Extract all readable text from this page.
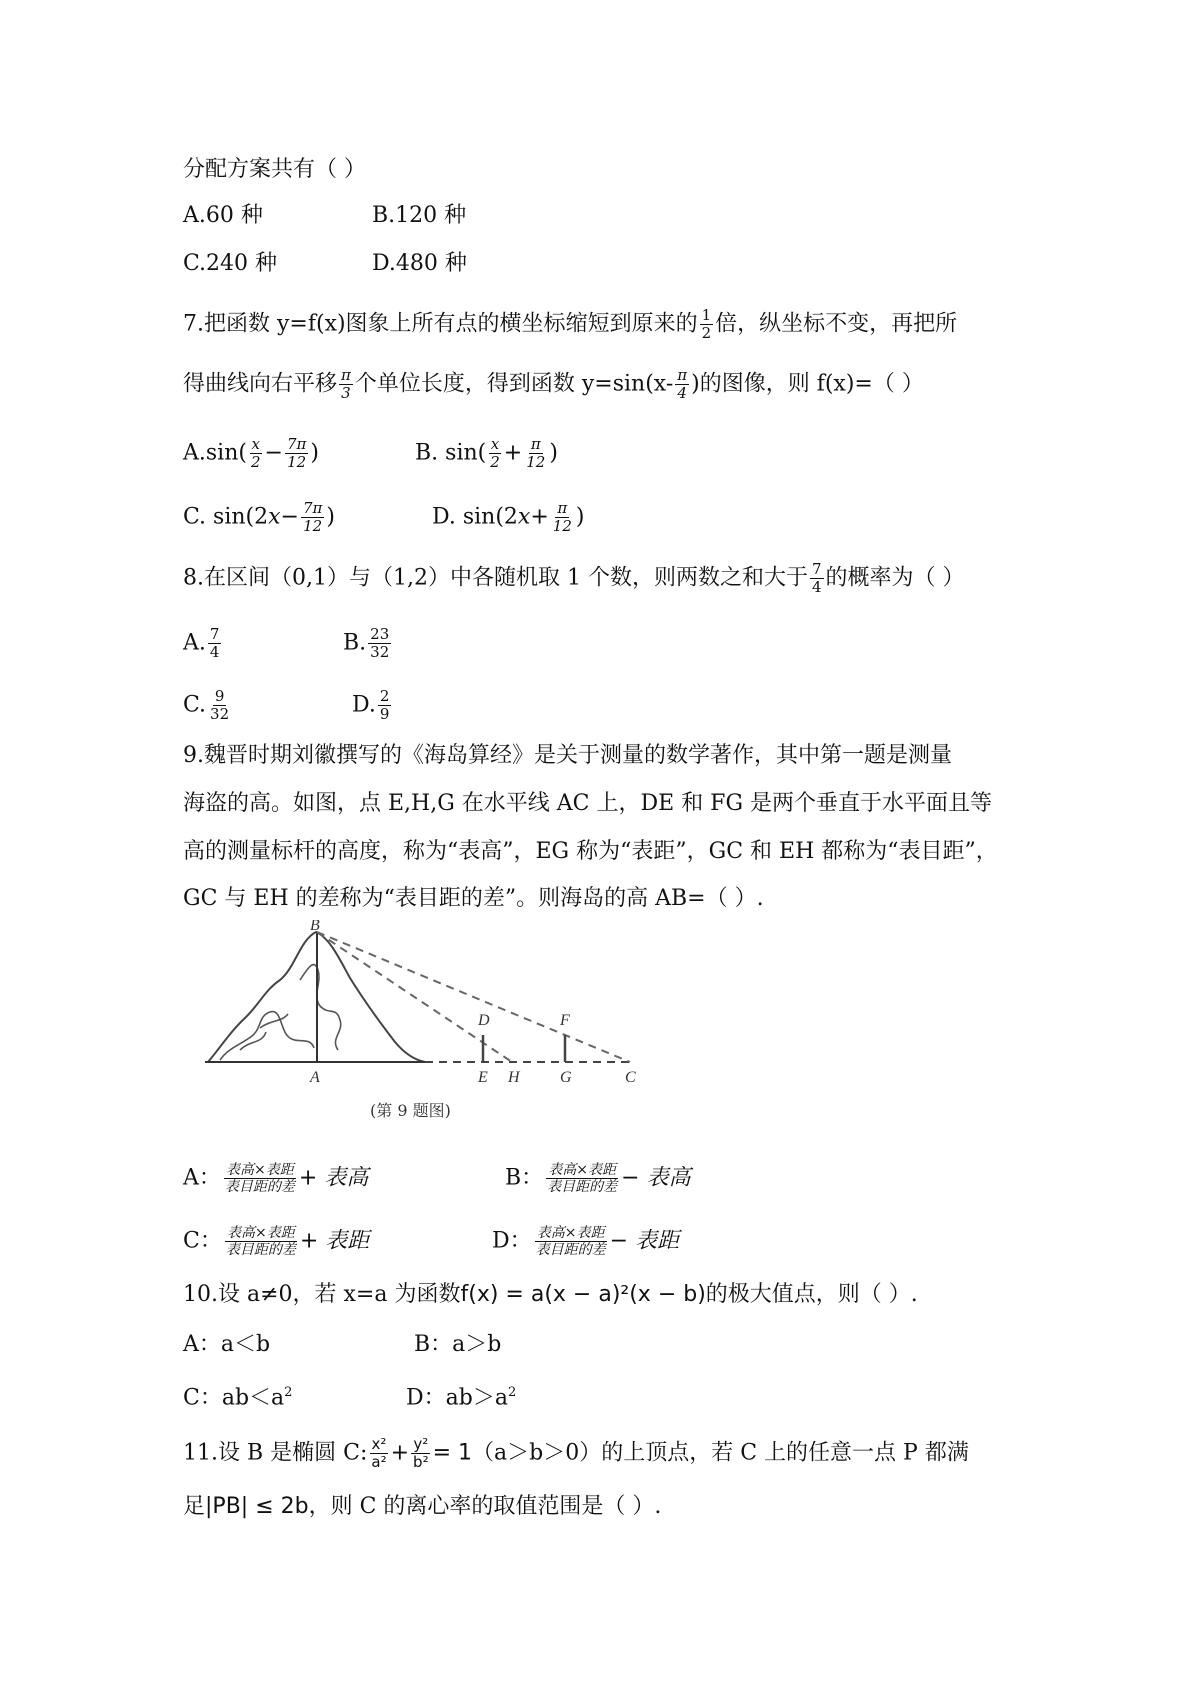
分配方案共有（ ）
A.60 种	B.120 种
C.240 种	D.480 种
7.把函数 y=f(x)图象上所有点的横坐标缩短到原来的 $\frac{1}{2}$ 倍，纵坐标不变，再把所
得曲线向右平移 $\frac{\pi}{3}$ 个单位长度，得到函数 $y=\sin(x- \frac{\pi}{4}$ )的图像，则 f(x)=（ ）
$A.\sin( \frac{x}{2} - \frac{7\pi}{12}$ )	B. $\sin( \frac{x}{2} + \frac{\pi}{12}$ )
C. $\sin(2x- \frac{7\pi}{12}$ )	D. $\sin(2x+ \frac{\pi}{12}$ )
8.在区间（0,1）与（1,2）中各随机取 1 个数，则两数之和大于 $\frac{7}{4}$ 的概率为（ ）
A. $\frac{7}{4}$	B. $\frac{23}{32}$
C. $\frac{9}{32}$	D. $\frac{2}{9}$
9.魏晋时期刘徽撰写的《海岛算经》是关于测量的数学著作，其中第一题是测量
海盗的高。如图，点 E,H,G 在水平线 AC 上，DE 和 FG 是两个垂直于水平面且等
高的测量标杆的高度，称为“表高”，EG 称为“表距”，GC 和 EH 都称为“表目距”，
GC 与 EH 的差称为“表目距的差”。则海岛的高 AB=（ ）.
B
A
D
E H
F
G	C
(第 9 题图)
A： $\frac{\text{表高×表距}}{\text{表目距的差}}$ + 表高	B： $\frac{\text{表高×表距}}{\text{表目距的差}}$ − 表高
C： $\frac{\text{表高×表距}}{\text{表目距的差}}$ + 表距	D： $\frac{\text{表高×表距}}{\text{表目距的差}}$ − 表距
10.设 a≠0，若 x=a 为函数f(x) = a(x − a)²(x − b)的极大值点，则（ ）.
A：a＜b	B：a＞b
C：$ab<a^2$	D：$ab>a^2$
11.设 B 是椭圆 C: $\frac{\text{x²}}{\text{a²}} + \frac{\text{y²}}{\text{b²}} = 1(a>b>0)$的上顶点，若 C 上的任意一点 P 都满
足|PB| ≤ 2b，则 C 的离心率的取值范围是（ ）.
